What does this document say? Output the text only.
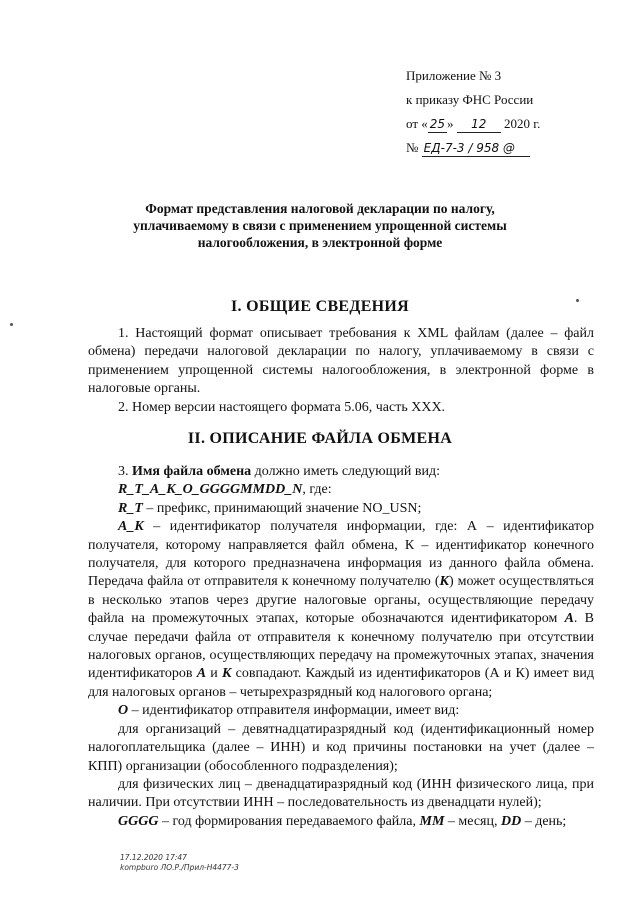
Приложение № 3
к приказу ФНС России
от « 25 » 12 2020 г.
№ ЕД-7-3 / 958 @
Формат представления налоговой декларации по налогу,
уплачиваемому в связи с применением упрощенной системы
налогообложения, в электронной форме
I. ОБЩИЕ СВЕДЕНИЯ

1. Настоящий формат описывает требования к XML файлам (далее – файл обмена) передачи налоговой декларации по налогу, уплачиваемому в связи с применением упрощенной системы налогообложения, в электронной форме в налоговые органы.

2. Номер версии настоящего формата 5.06, часть XXX.

II. ОПИСАНИЕ ФАЙЛА ОБМЕНА

3. Имя файла обмена должно иметь следующий вид:

R_T_A_K_O_GGGGMMDD_N, где:

R_T – префикс, принимающий значение NO_USN;

A_K – идентификатор получателя информации, где: А – идентификатор получателя, которому направляется файл обмена, К – идентификатор конечного получателя, для которого предназначена информация из данного файла обмена. Передача файла от отправителя к конечному получателю (К) может осуществляться в несколько этапов через другие налоговые органы, осуществляющие передачу файла на промежуточных этапах, которые обозначаются идентификатором А. В случае передачи файла от отправителя к конечному получателю при отсутствии налоговых органов, осуществляющих передачу на промежуточных этапах, значения идентификаторов А и К совпадают. Каждый из идентификаторов (А и К) имеет вид для налоговых органов – четырехразрядный код налогового органа;

O – идентификатор отправителя информации, имеет вид:

для организаций – девятнадцатиразрядный код (идентификационный номер налогоплательщика (далее – ИНН) и код причины постановки на учет (далее – КПП) организации (обособленного подразделения);

для физических лиц – двенадцатиразрядный код (ИНН физического лица, при наличии. При отсутствии ИНН – последовательность из двенадцати нулей);

GGGG – год формирования передаваемого файла, MM – месяц, DD – день;

17.12.2020 17:47
kompburo ЛО.Р./Прил-Н4477-3
